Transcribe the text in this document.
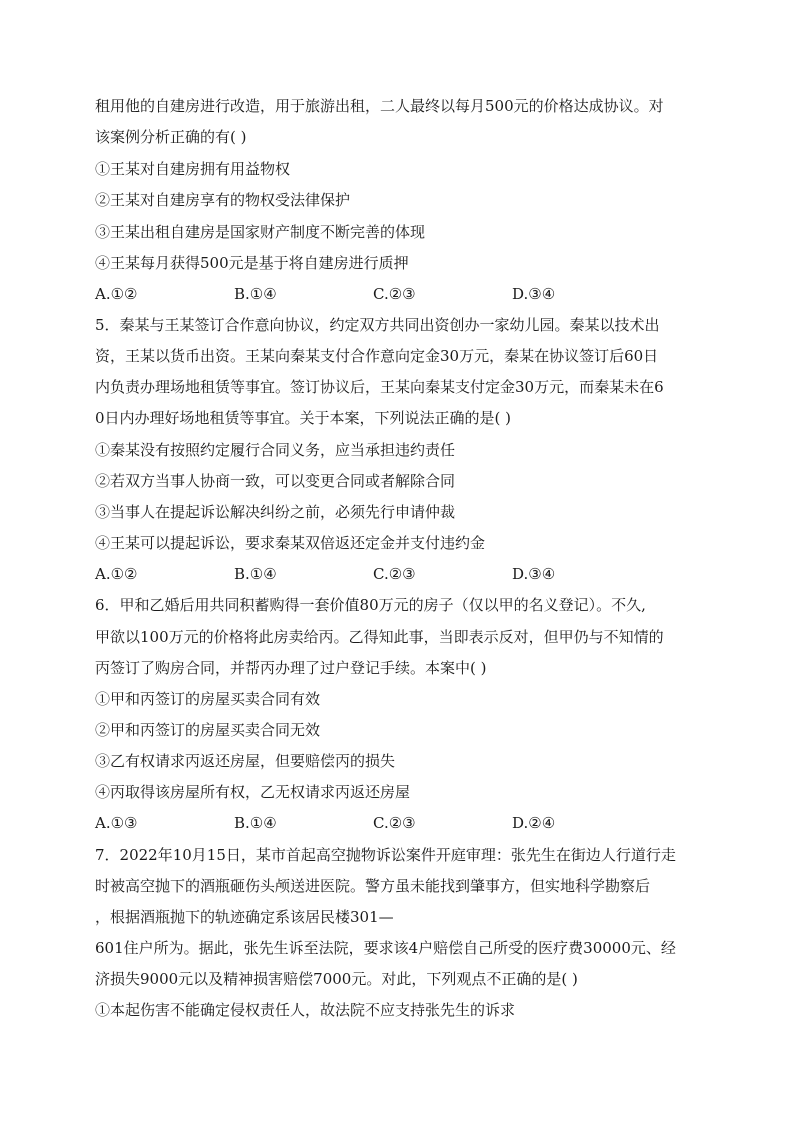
租用他的自建房进行改造，用于旅游出租，二人最终以每月500元的价格达成协议。对
该案例分析正确的有( )
①王某对自建房拥有用益物权
②王某对自建房享有的物权受法律保护
③王某出租自建房是国家财产制度不断完善的体现
④王某每月获得500元是基于将自建房进行质押
A.①②	B.①④	C.②③	D.③④
5．秦某与王某签订合作意向协议，约定双方共同出资创办一家幼儿园。秦某以技术出
资，王某以货币出资。王某向秦某支付合作意向定金30万元，秦某在协议签订后60日
内负责办理场地租赁等事宜。签订协议后，王某向秦某支付定金30万元，而秦某未在6
0日内办理好场地租赁等事宜。关于本案，下列说法正确的是( )
①秦某没有按照约定履行合同义务，应当承担违约责任
②若双方当事人协商一致，可以变更合同或者解除合同
③当事人在提起诉讼解决纠纷之前，必须先行申请仲裁
④王某可以提起诉讼，要求秦某双倍返还定金并支付违约金
A.①②	B.①④	C.②③	D.③④
6．甲和乙婚后用共同积蓄购得一套价值80万元的房子（仅以甲的名义登记）。不久,
甲欲以100万元的价格将此房卖给丙。乙得知此事，当即表示反对，但甲仍与不知情的
丙签订了购房合同，并帮丙办理了过户登记手续。本案中( )
①甲和丙签订的房屋买卖合同有效
②甲和丙签订的房屋买卖合同无效
③乙有权请求丙返还房屋，但要赔偿丙的损失
④丙取得该房屋所有权，乙无权请求丙返还房屋
A.①③	B.①④	C.②③	D.②④
7．2022年10月15日，某市首起高空抛物诉讼案件开庭审理：张先生在街边人行道行走
时被高空抛下的酒瓶砸伤头颅送进医院。警方虽未能找到肇事方，但实地科学勘察后
，根据酒瓶抛下的轨迹确定系该居民楼301—
601住户所为。据此，张先生诉至法院，要求该4户赔偿自己所受的医疗费30000元、经
济损失9000元以及精神损害赔偿7000元。对此，下列观点不正确的是( )
①本起伤害不能确定侵权责任人，故法院不应支持张先生的诉求
